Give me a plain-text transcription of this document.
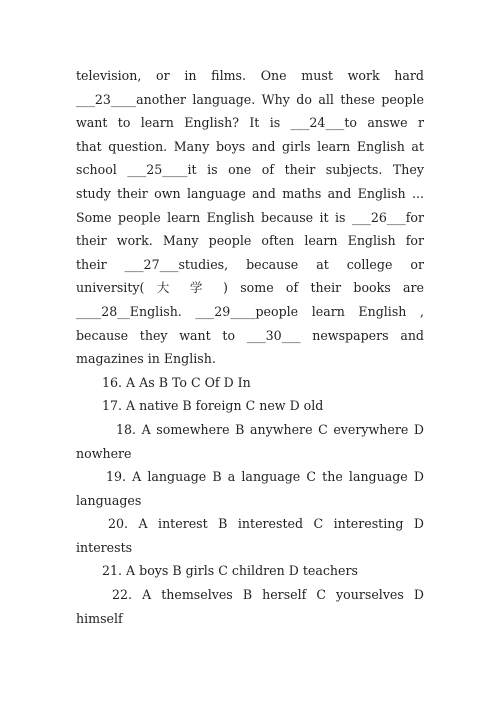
television, or in films. One must work hard
___23____another language. Why do all these people
want to learn English? It is ___24___to answe r
that question. Many boys and girls learn English at
school ___25____it is one of their subjects. They
study their own language and maths and English ...
Some people learn English because it is ___26___for
their work. Many people often learn English for
their ___27___studies, because at college or
university( 大 学 ) some of their books are
____28__English. ___29____people learn English ,
because they want to ___30___ newspapers and
magazines in English.
16. A As B To C Of D In
17. A native B foreign C new D old
18. A somewhere B anywhere C everywhere D
nowhere
19. A language B a language C the language D
languages
20. A interest B interested C interesting D
interests
21. A boys B girls C children D teachers
22. A themselves B herself C yourselves D
himself
